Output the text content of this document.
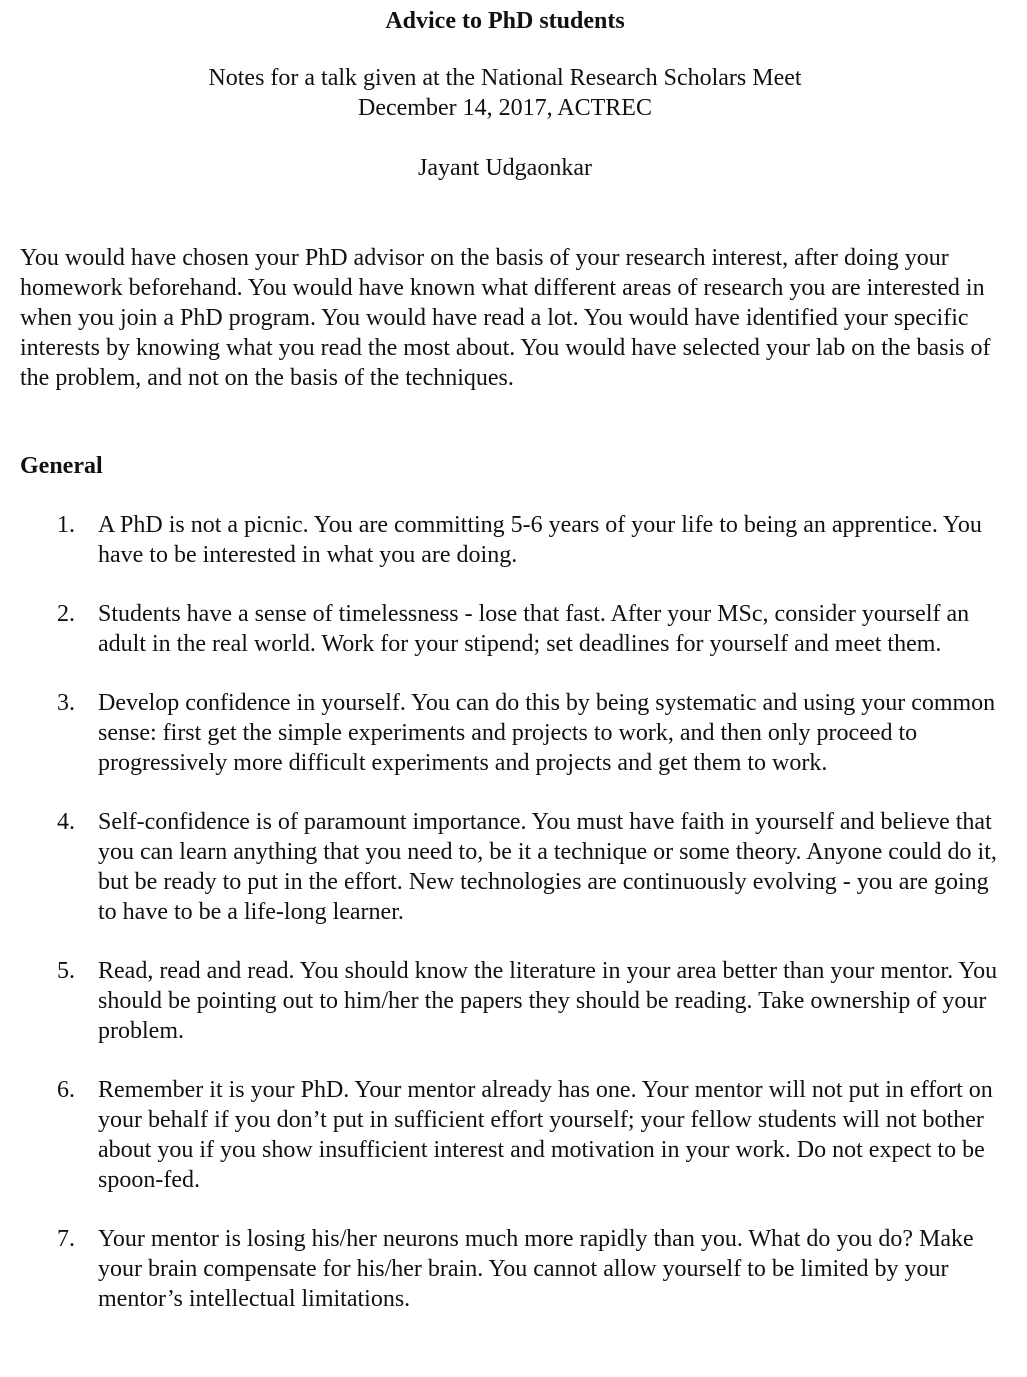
Advice to PhD students
Notes for a talk given at the National Research Scholars Meet
December 14, 2017, ACTREC
Jayant Udgaonkar

You would have chosen your PhD advisor on the basis of your research interest, after doing your homework beforehand. You would have known what different areas of research you are interested in when you join a PhD program. You would have read a lot. You would have identified your specific interests by knowing what you read the most about. You would have selected your lab on the basis of the problem, and not on the basis of the techniques.

General
1. A PhD is not a picnic. You are committing 5-6 years of your life to being an apprentice. You have to be interested in what you are doing.
2. Students have a sense of timelessness - lose that fast. After your MSc, consider yourself an adult in the real world. Work for your stipend; set deadlines for yourself and meet them.
3. Develop confidence in yourself. You can do this by being systematic and using your common sense: first get the simple experiments and projects to work, and then only proceed to progressively more difficult experiments and projects and get them to work.
4. Self-confidence is of paramount importance. You must have faith in yourself and believe that you can learn anything that you need to, be it a technique or some theory. Anyone could do it, but be ready to put in the effort. New technologies are continuously evolving - you are going to have to be a life-long learner.
5. Read, read and read. You should know the literature in your area better than your mentor. You should be pointing out to him/her the papers they should be reading. Take ownership of your problem.
6. Remember it is your PhD. Your mentor already has one. Your mentor will not put in effort on your behalf if you don’t put in sufficient effort yourself; your fellow students will not bother about you if you show insufficient interest and motivation in your work. Do not expect to be spoon-fed.
7. Your mentor is losing his/her neurons much more rapidly than you. What do you do? Make your brain compensate for his/her brain. You cannot allow yourself to be limited by your mentor’s intellectual limitations.
